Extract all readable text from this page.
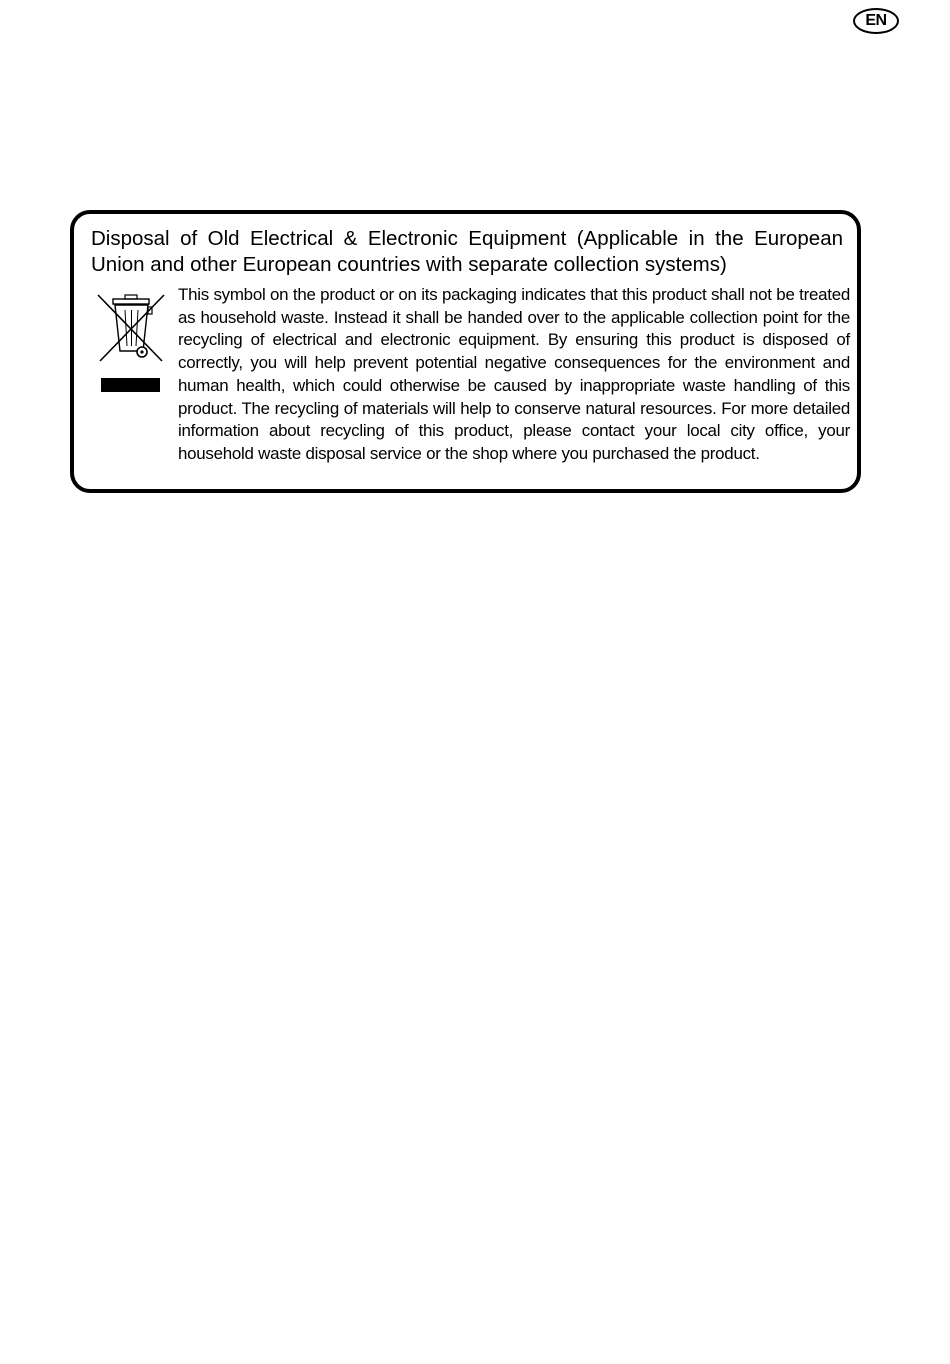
EN
Disposal of Old Electrical & Electronic Equipment (Applicable in the European Union and other European countries with separate collection systems)

This symbol on the product or on its packaging indicates that this product shall not be treated as household waste. Instead it shall be handed over to the applicable collection point for the recycling of electrical and electronic equipment. By ensuring this product is disposed of correctly, you will help prevent potential negative consequences for the environment and human health, which could otherwise be caused by inappropriate waste handling of this product. The recycling of materials will help to conserve natural resources. For more detailed information about recycling of this product, please contact your local city office, your household waste disposal service or the shop where you purchased the product.
